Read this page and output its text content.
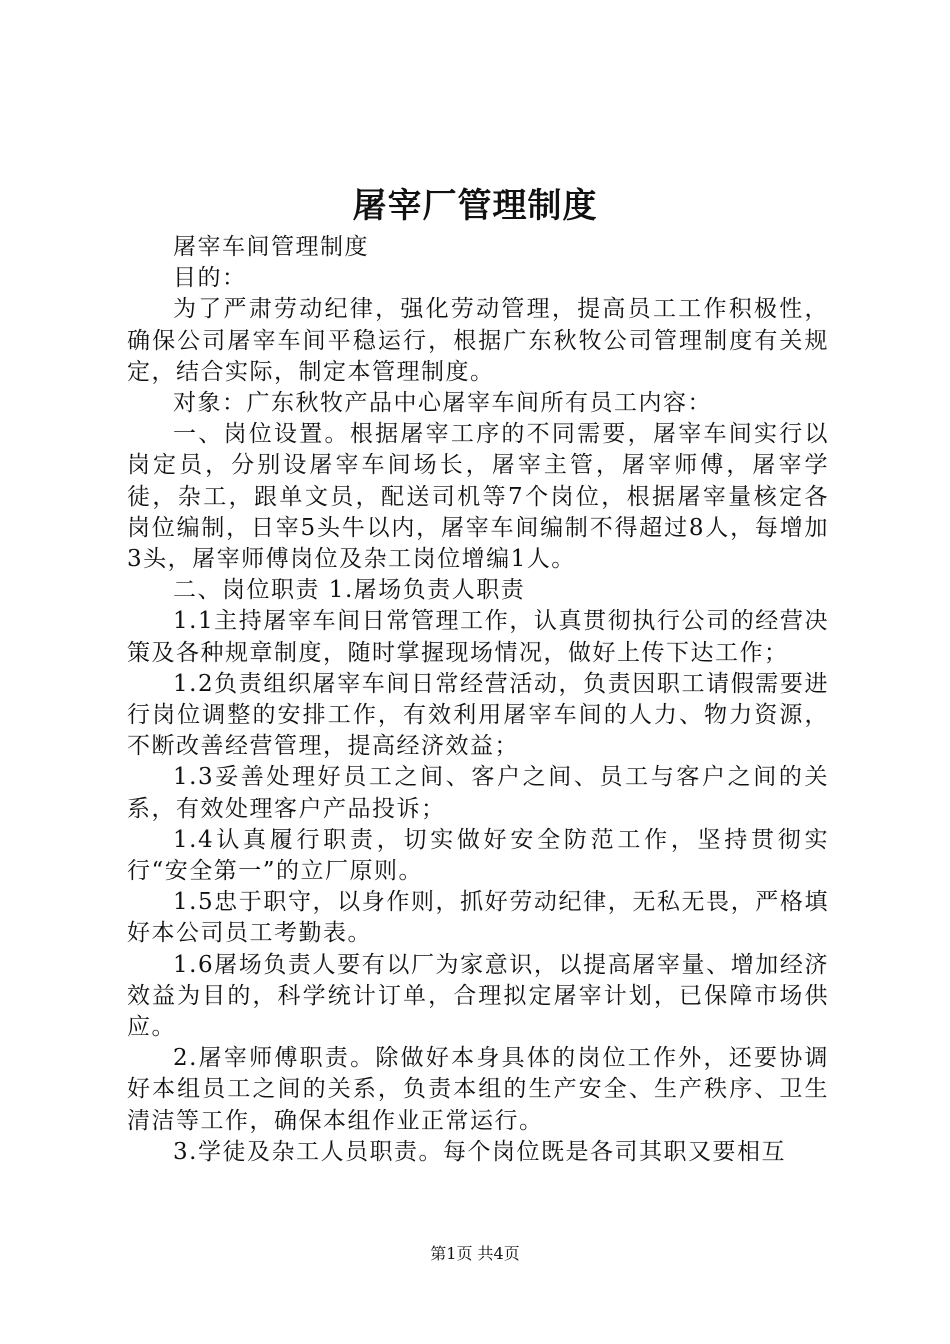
屠宰厂管理制度

屠宰车间管理制度

目的：

为了严肃劳动纪律，强化劳动管理，提高员工工作积极性，确保公司屠宰车间平稳运行，根据广东秋牧公司管理制度有关规定，结合实际，制定本管理制度。

对象：广东秋牧产品中心屠宰车间所有员工内容：

一、岗位设置。根据屠宰工序的不同需要，屠宰车间实行以岗定员，分别设屠宰车间场长，屠宰主管，屠宰师傅，屠宰学徒，杂工，跟单文员，配送司机等7个岗位，根据屠宰量核定各岗位编制，日宰5头牛以内，屠宰车间编制不得超过8人，每增加3头，屠宰师傅岗位及杂工岗位增编1人。

二、岗位职责 1.屠场负责人职责

1.1主持屠宰车间日常管理工作，认真贯彻执行公司的经营决策及各种规章制度，随时掌握现场情况，做好上传下达工作；

1.2负责组织屠宰车间日常经营活动，负责因职工请假需要进行岗位调整的安排工作，有效利用屠宰车间的人力、物力资源，不断改善经营管理，提高经济效益；

1.3妥善处理好员工之间、客户之间、员工与客户之间的关系，有效处理客户产品投诉；

1.4认真履行职责，切实做好安全防范工作，坚持贯彻实行“安全第一”的立厂原则。

1.5忠于职守，以身作则，抓好劳动纪律，无私无畏，严格填好本公司员工考勤表。

1.6屠场负责人要有以厂为家意识，以提高屠宰量、增加经济效益为目的，科学统计订单，合理拟定屠宰计划，已保障市场供应。

2.屠宰师傅职责。除做好本身具体的岗位工作外，还要协调好本组员工之间的关系，负责本组的生产安全、生产秩序、卫生清洁等工作，确保本组作业正常运行。

3.学徒及杂工人员职责。每个岗位既是各司其职又要相互

第1页 共4页
